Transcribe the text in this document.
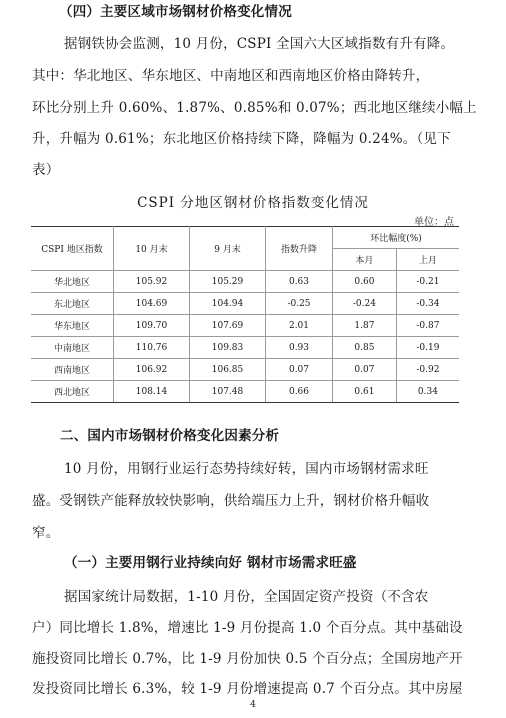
（四）主要区域市场钢材价格变化情况
据钢铁协会监测，10 月份，CSPI 全国六大区域指数有升有降。
其中：华北地区、华东地区、中南地区和西南地区价格由降转升，
环比分别上升 0.60%、1.87%、0.85%和 0.07%；西北地区继续小幅上
升，升幅为 0.61%；东北地区价格持续下降，降幅为 0.24%。（见下
表）
CSPI 分地区钢材价格指数变化情况
单位：点
CSPI 地区指数	10 月末	9 月末	指数升降	环比幅度(%)	
				本月	上月
华北地区	105.92	105.29	0.63	0.60	-0.21
东北地区	104.69	104.94	-0.25	-0.24	-0.34
华东地区	109.70	107.69	2.01	1.87	-0.87
中南地区	110.76	109.83	0.93	0.85	-0.19
西南地区	106.92	106.85	0.07	0.07	-0.92
西北地区	108.14	107.48	0.66	0.61	0.34
二、国内市场钢材价格变化因素分析
10 月份，用钢行业运行态势持续好转，国内市场钢材需求旺
盛。受钢铁产能释放较快影响，供给端压力上升，钢材价格升幅收
窄。
（一）主要用钢行业持续向好 钢材市场需求旺盛
据国家统计局数据，1-10 月份，全国固定资产投资（不含农
户）同比增长 1.8%，增速比 1-9 月份提高 1.0 个百分点。其中基础设
施投资同比增长 0.7%，比 1-9 月份加快 0.5 个百分点；全国房地产开
发投资同比增长 6.3%，较 1-9 月份增速提高 0.7 个百分点。其中房屋
4
